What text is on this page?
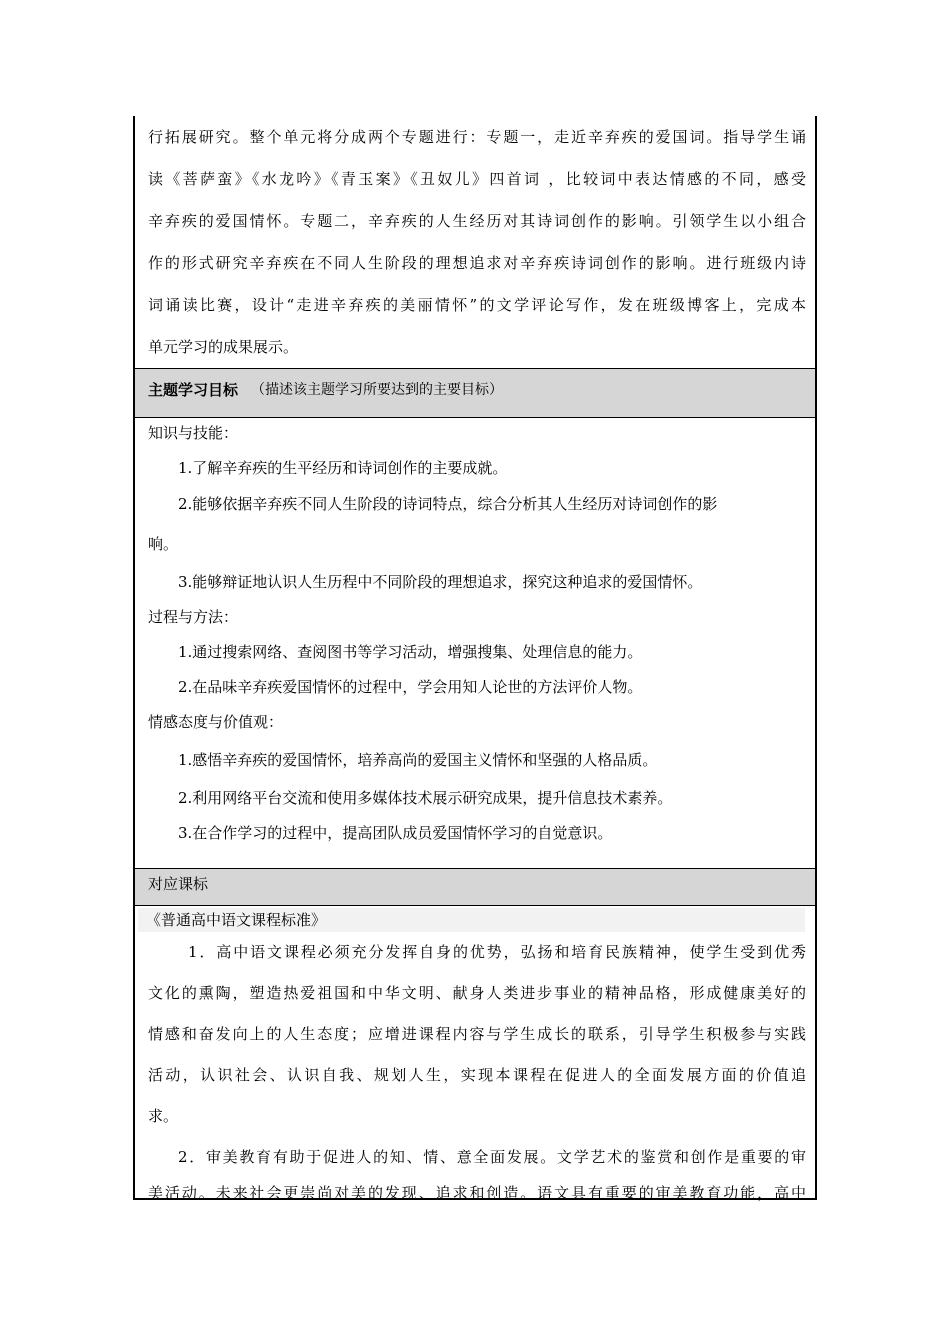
行拓展研究。整个单元将分成两个专题进行：专题一，走近辛弃疾的爱国词。指导学生诵
读《菩萨蛮》《水龙吟》《青玉案》《丑奴儿》四首词 ，比较词中表达情感的不同，感受
辛弃疾的爱国情怀。专题二，辛弃疾的人生经历对其诗词创作的影响。引领学生以小组合
作的形式研究辛弃疾在不同人生阶段的理想追求对辛弃疾诗词创作的影响。进行班级内诗
词诵读比赛，设计“走进辛弃疾的美丽情怀”的文学评论写作，发在班级博客上，完成本
单元学习的成果展示。
主题学习目标 （描述该主题学习所要达到的主要目标）
知识与技能：
1.了解辛弃疾的生平经历和诗词创作的主要成就。
2.能够依据辛弃疾不同人生阶段的诗词特点，综合分析其人生经历对诗词创作的影
响。
3.能够辩证地认识人生历程中不同阶段的理想追求，探究这种追求的爱国情怀。
过程与方法：
1.通过搜索网络、查阅图书等学习活动，增强搜集、处理信息的能力。
2.在品味辛弃疾爱国情怀的过程中，学会用知人论世的方法评价人物。
情感态度与价值观：
1.感悟辛弃疾的爱国情怀，培养高尚的爱国主义情怀和坚强的人格品质。
2.利用网络平台交流和使用多媒体技术展示研究成果，提升信息技术素养。
3.在合作学习的过程中，提高团队成员爱国情怀学习的自觉意识。
对应课标
《普通高中语文课程标准》
1．高中语文课程必须充分发挥自身的优势，弘扬和培育民族精神，使学生受到优秀
文化的熏陶，塑造热爱祖国和中华文明、献身人类进步事业的精神品格，形成健康美好的
情感和奋发向上的人生态度；应增进课程内容与学生成长的联系，引导学生积极参与实践
活动，认识社会、认识自我、规划人生，实现本课程在促进人的全面发展方面的价值追
求。
2．审美教育有助于促进人的知、情、意全面发展。文学艺术的鉴赏和创作是重要的审
美活动。未来社会更崇尚对美的发现、追求和创造。语文具有重要的审美教育功能，高中
